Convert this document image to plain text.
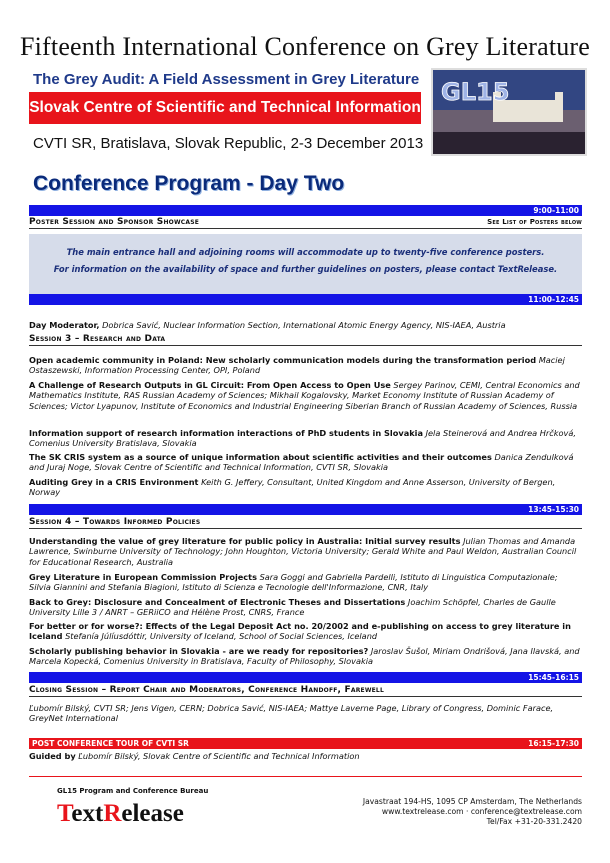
Fifteenth International Conference on Grey Literature
The Grey Audit: A Field Assessment in Grey Literature
Slovak Centre of Scientific and Technical Information
GL15
CVTI SR, Bratislava, Slovak Republic, 2-3 December 2013
Conference Program - Day Two
9:00-11:00
Poster Session and Sponsor Showcase	See List of Posters below
The main entrance hall and adjoining rooms will accommodate up to twenty-five conference posters.
For information on the availability of space and further guidelines on posters, please contact TextRelease.
11:00-12:45
Day Moderator, Dobrica Savić, Nuclear Information Section, International Atomic Energy Agency, NIS-IAEA, Austria
Session 3 – Research and Data
Open academic community in Poland: New scholarly communication models during the transformation period Maciej Ostaszewski, Information Processing Center, OPI, Poland
A Challenge of Research Outputs in GL Circuit: From Open Access to Open Use Sergey Parinov, CEMI, Central Economics and Mathematics Institute, RAS Russian Academy of Sciences; Mikhail Kogalovsky, Market Economy Institute of Russian Academy of Sciences; Victor Lyapunov, Institute of Economics and Industrial Engineering Siberian Branch of Russian Academy of Sciences, Russia
Information support of research information interactions of PhD students in Slovakia Jela Steinerová and Andrea Hrčková, Comenius University Bratislava, Slovakia
The SK CRIS system as a source of unique information about scientific activities and their outcomes Danica Zendulková and Juraj Noge, Slovak Centre of Scientific and Technical Information, CVTI SR, Slovakia
Auditing Grey in a CRIS Environment Keith G. Jeffery, Consultant, United Kingdom and Anne Asserson, University of Bergen, Norway
13:45-15:30
Session 4 – Towards Informed Policies
Understanding the value of grey literature for public policy in Australia: Initial survey results Julian Thomas and Amanda Lawrence, Swinburne University of Technology; John Houghton, Victoria University; Gerald White and Paul Weldon, Australian Council for Educational Research, Australia
Grey Literature in European Commission Projects Sara Goggi and Gabriella Pardelli, Istituto di Linguistica Computazionale; Silvia Giannini and Stefania Biagioni, Istituto di Scienza e Tecnologie dell'Informazione, CNR, Italy
Back to Grey: Disclosure and Concealment of Electronic Theses and Dissertations Joachim Schöpfel, Charles de Gaulle University Lille 3 / ANRT – GERiiCO and Hélène Prost, CNRS, France
For better or for worse?: Effects of the Legal Deposit Act no. 20/2002 and e-publishing on access to grey literature in Iceland Stefanía Júlíusdóttir, University of Iceland, School of Social Sciences, Iceland
Scholarly publishing behavior in Slovakia - are we ready for repositories? Jaroslav Šušol, Miriam Ondrišová, Jana Ilavská, and Marcela Kopecká, Comenius University in Bratislava, Faculty of Philosophy, Slovakia
15:45-16:15
Closing Session – Report Chair and Moderators, Conference Handoff, Farewell
Ľubomír Bilský, CVTI SR; Jens Vigen, CERN; Dobrica Savić, NIS-IAEA; Mattye Laverne Page, Library of Congress, Dominic Farace, GreyNet International
POST CONFERENCE TOUR OF CVTI SR	16:15-17:30
Guided by Ľubomír Bilský, Slovak Centre of Scientific and Technical Information
GL15 Program and Conference Bureau
TextRelease	Javastraat 194-HS, 1095 CP Amsterdam, The Netherlands
www.textrelease.com · conference@textrelease.com
Tel/Fax +31-20-331.2420
